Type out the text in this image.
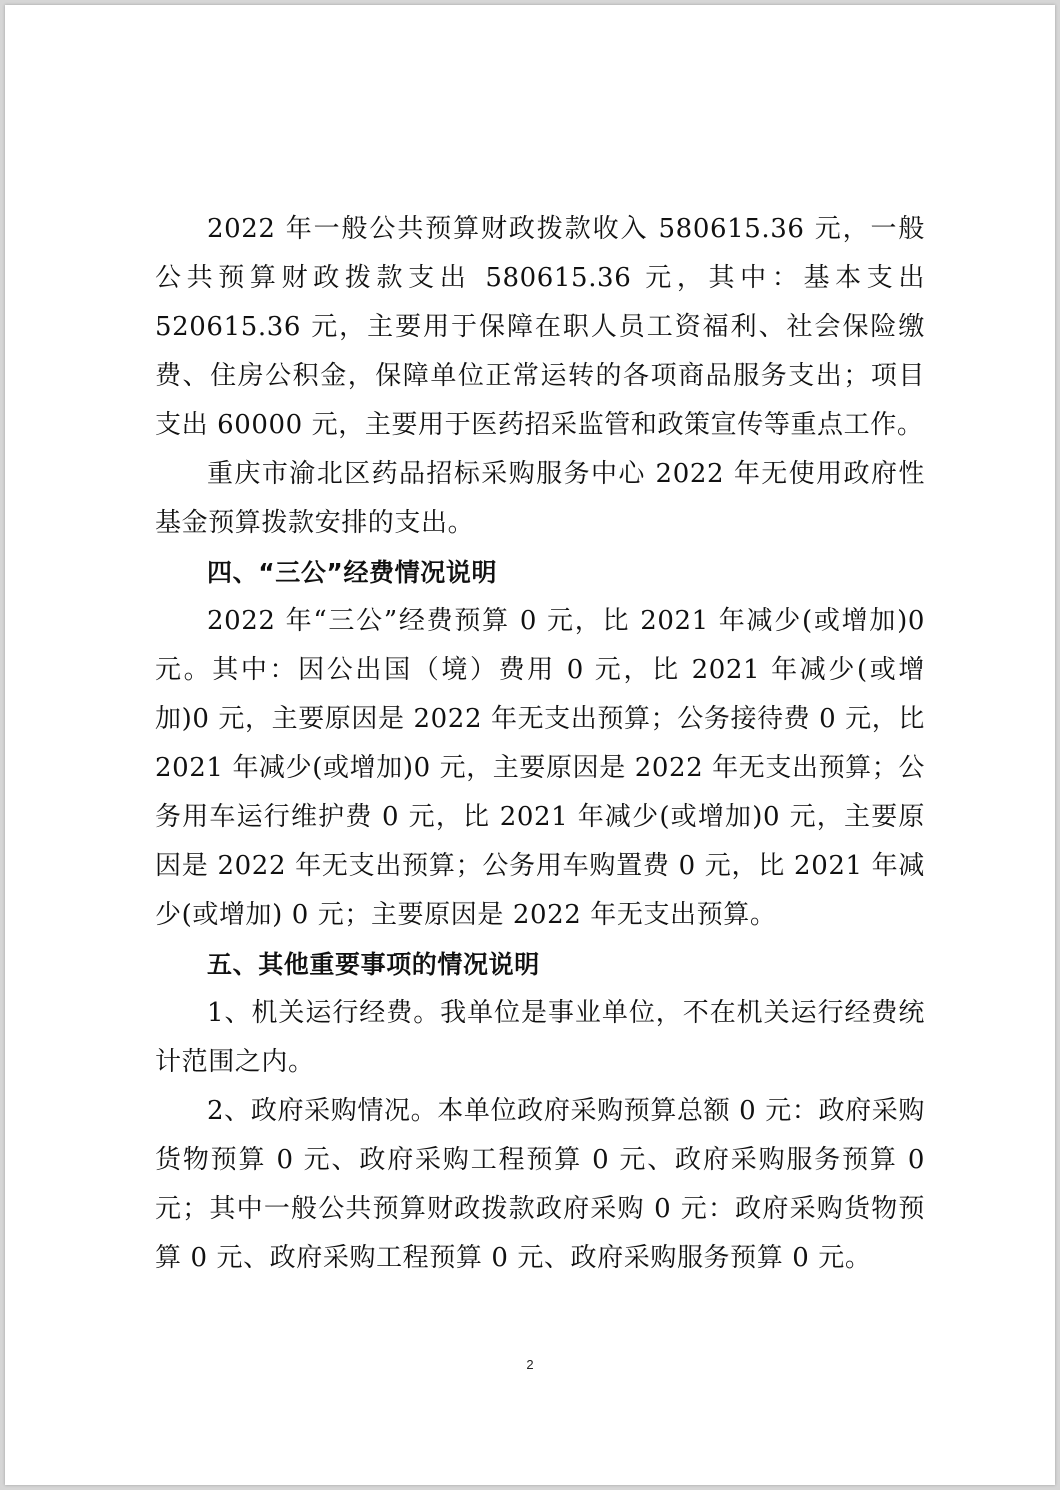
2022 年一般公共预算财政拨款收入 580615.36 元，一般公共预算财政拨款支出 580615.36 元，其中：基本支出 520615.36 元，主要用于保障在职人员工资福利、社会保险缴费、住房公积金，保障单位正常运转的各项商品服务支出；项目支出 60000 元，主要用于医药招采监管和政策宣传等重点工作。

重庆市渝北区药品招标采购服务中心 2022 年无使用政府性基金预算拨款安排的支出。

四、“三公”经费情况说明

2022 年“三公”经费预算 0 元，比 2021 年减少(或增加)0 元。其中：因公出国（境）费用 0 元，比 2021 年减少(或增加)0 元，主要原因是 2022 年无支出预算；公务接待费 0 元，比 2021 年减少(或增加)0 元，主要原因是 2022 年无支出预算；公务用车运行维护费 0 元，比 2021 年减少(或增加)0 元，主要原因是 2022 年无支出预算；公务用车购置费 0 元，比 2021 年减少(或增加) 0 元；主要原因是 2022 年无支出预算。

五、其他重要事项的情况说明

1、机关运行经费。我单位是事业单位，不在机关运行经费统计范围之内。

2、政府采购情况。本单位政府采购预算总额 0 元：政府采购货物预算 0 元、政府采购工程预算 0 元、政府采购服务预算 0 元；其中一般公共预算财政拨款政府采购 0 元：政府采购货物预算 0 元、政府采购工程预算 0 元、政府采购服务预算 0 元。

2
